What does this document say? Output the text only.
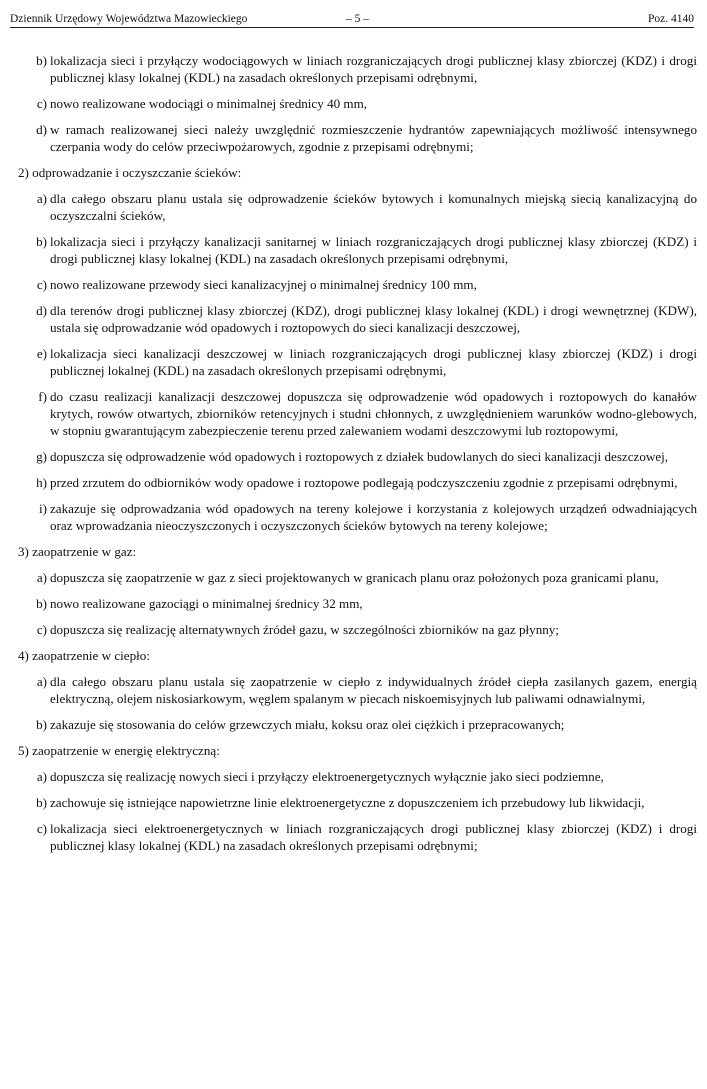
Dziennik Urzędowy Województwa Mazowieckiego	– 5 –	Poz. 4140
b) lokalizacja sieci i przyłączy wodociągowych w liniach rozgraniczających drogi publicznej klasy zbiorczej (KDZ) i drogi publicznej klasy lokalnej (KDL) na zasadach określonych przepisami odrębnymi,
c) nowo realizowane wodociągi o minimalnej średnicy 40 mm,
d) w ramach realizowanej sieci należy uwzględnić rozmieszczenie hydrantów zapewniających możliwość intensywnego czerpania wody do celów przeciwpożarowych, zgodnie z przepisami odrębnymi;
2) odprowadzanie i oczyszczanie ścieków:
a) dla całego obszaru planu ustala się odprowadzenie ścieków bytowych i komunalnych miejską siecią kanalizacyjną do oczyszczalni ścieków,
b) lokalizacja sieci i przyłączy kanalizacji sanitarnej w liniach rozgraniczających drogi publicznej klasy zbiorczej (KDZ) i drogi publicznej klasy lokalnej (KDL) na zasadach określonych przepisami odrębnymi,
c) nowo realizowane przewody sieci kanalizacyjnej o minimalnej średnicy 100 mm,
d) dla terenów drogi publicznej klasy zbiorczej (KDZ), drogi publicznej klasy lokalnej (KDL) i drogi wewnętrznej (KDW), ustala się odprowadzanie wód opadowych i roztopowych do sieci kanalizacji deszczowej,
e) lokalizacja sieci kanalizacji deszczowej w liniach rozgraniczających drogi publicznej klasy zbiorczej (KDZ) i drogi publicznej lokalnej (KDL) na zasadach określonych przepisami odrębnymi,
f) do czasu realizacji kanalizacji deszczowej dopuszcza się odprowadzenie wód opadowych i roztopowych do kanałów krytych, rowów otwartych, zbiorników retencyjnych i studni chłonnych, z uwzględnieniem warunków wodno-glebowych, w stopniu gwarantującym zabezpieczenie terenu przed zalewaniem wodami deszczowymi lub roztopowymi,
g) dopuszcza się odprowadzenie wód opadowych i roztopowych z działek budowlanych do sieci kanalizacji deszczowej,
h) przed zrzutem do odbiorników wody opadowe i roztopowe podlegają podczyszczeniu zgodnie z przepisami odrębnymi,
i) zakazuje się odprowadzania wód opadowych na tereny kolejowe i korzystania z kolejowych urządzeń odwadniających oraz wprowadzania nieoczyszczonych i oczyszczonych ścieków bytowych na tereny kolejowe;
3) zaopatrzenie w gaz:
a) dopuszcza się zaopatrzenie w gaz z sieci projektowanych w granicach planu oraz położonych poza granicami planu,
b) nowo realizowane gazociągi o minimalnej średnicy 32 mm,
c) dopuszcza się realizację alternatywnych źródeł gazu, w szczególności zbiorników na gaz płynny;
4) zaopatrzenie w ciepło:
a) dla całego obszaru planu ustala się zaopatrzenie w ciepło z indywidualnych źródeł ciepła zasilanych gazem, energią elektryczną, olejem niskosiarkowym, węglem spalanym w piecach niskoemisyjnych lub paliwami odnawialnymi,
b) zakazuje się stosowania do celów grzewczych miału, koksu oraz olei ciężkich i przepracowanych;
5) zaopatrzenie w energię elektryczną:
a) dopuszcza się realizację nowych sieci i przyłączy elektroenergetycznych wyłącznie jako sieci podziemne,
b) zachowuje się istniejące napowietrzne linie elektroenergetyczne z dopuszczeniem ich przebudowy lub likwidacji,
c) lokalizacja sieci elektroenergetycznych w liniach rozgraniczających drogi publicznej klasy zbiorczej (KDZ) i drogi publicznej klasy lokalnej (KDL) na zasadach określonych przepisami odrębnymi;
